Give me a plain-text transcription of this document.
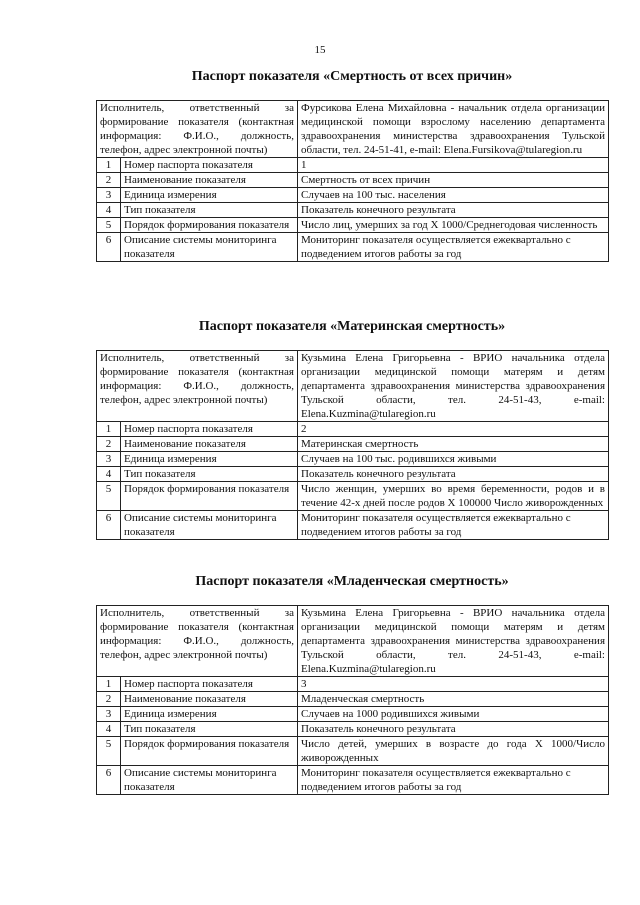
15
Паспорт показателя «Смертность от всех причин»
Исполнитель, ответственный за формирование показателя (контактная информация: Ф.И.О., должность, телефон, адрес электронной почты)		Фурсикова Елена Михайловна - начальник отдела организации медицинской помощи взрослому населению департамента здравоохранения министерства здравоохранения Тульской области, тел. 24-51-41, e-mail: Elena.Fursikova@tularegion.ru
1	Номер паспорта показателя	1
2	Наименование показателя	Смертность от всех причин
3	Единица измерения	Случаев на 100 тыс. населения
4	Тип показателя	Показатель конечного результата
5	Порядок формирования показателя	Число лиц, умерших за год Х 1000/Среднегодовая численность
6	Описание системы мониторинга показателя	Мониторинг показателя осуществляется ежеквартально с подведением итогов работы за год
Паспорт показателя «Материнская смертность»
Исполнитель, ответственный за формирование показателя (контактная информация: Ф.И.О., должность, телефон, адрес электронной почты)		Кузьмина Елена Григорьевна - ВРИО начальника отдела организации медицинской помощи матерям и детям департамента здравоохранения министерства здравоохранения Тульской области, тел. 24-51-43, e-mail: Elena.Kuzmina@tularegion.ru
1	Номер паспорта показателя	2
2	Наименование показателя	Материнская смертность
3	Единица измерения	Случаев на 100 тыс. родившихся живыми
4	Тип показателя	Показатель конечного результата
5	Порядок формирования показателя	Число женщин, умерших во время беременности, родов и в течение 42-х дней после родов Х 100000 Число живорожденных
6	Описание системы мониторинга показателя	Мониторинг показателя осуществляется ежеквартально с подведением итогов работы за год
Паспорт показателя «Младенческая смертность»
Исполнитель, ответственный за формирование показателя (контактная информация: Ф.И.О., должность, телефон, адрес электронной почты)		Кузьмина Елена Григорьевна - ВРИО начальника отдела организации медицинской помощи матерям и детям департамента здравоохранения министерства здравоохранения Тульской области, тел. 24-51-43, e-mail: Elena.Kuzmina@tularegion.ru
1	Номер паспорта показателя	3
2	Наименование показателя	Младенческая смертность
3	Единица измерения	Случаев на 1000 родившихся живыми
4	Тип показателя	Показатель конечного результата
5	Порядок формирования показателя	Число детей, умерших в возрасте до года Х 1000/Число живорожденных
6	Описание системы мониторинга показателя	Мониторинг показателя осуществляется ежеквартально с подведением итогов работы за год
